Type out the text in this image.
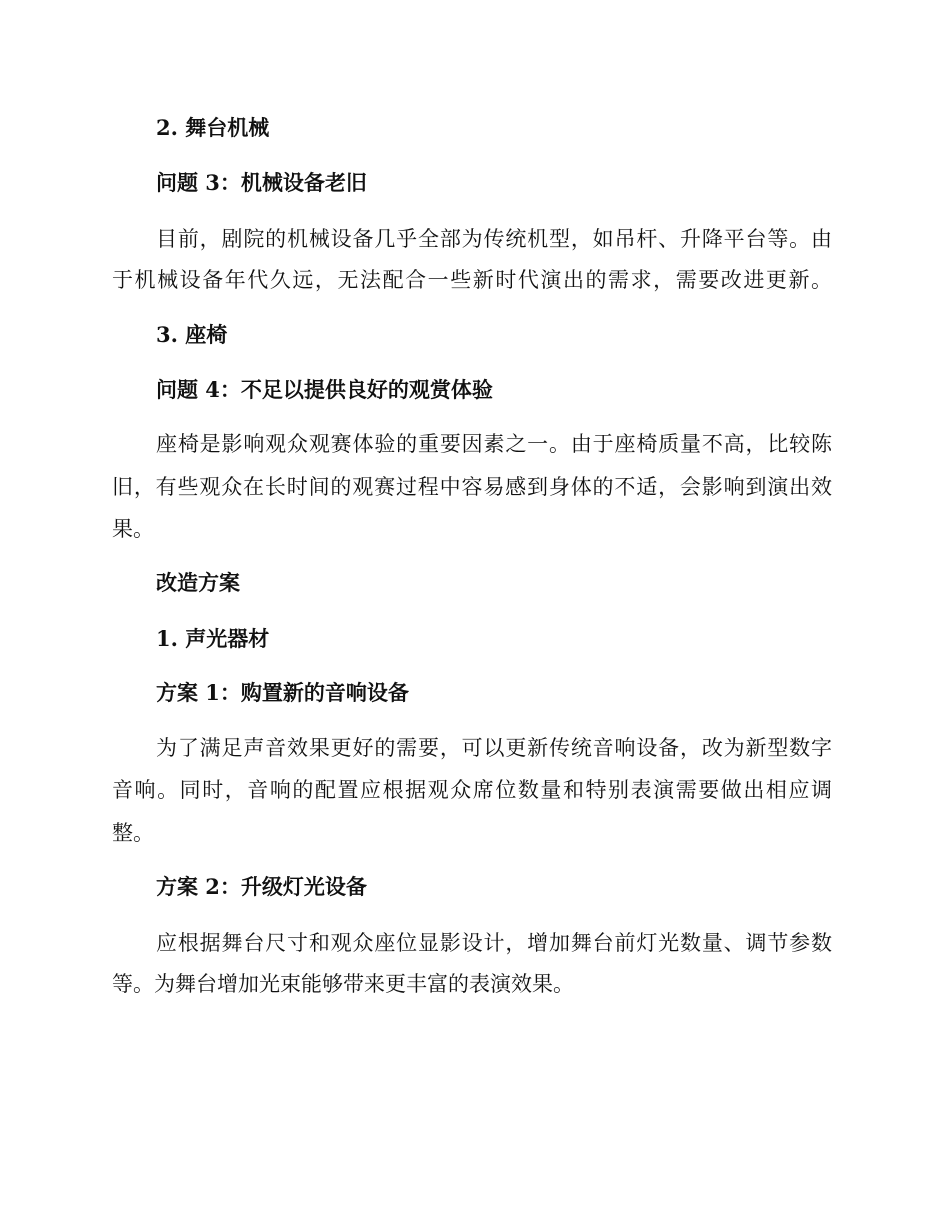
2. 舞台机械

问题 3：机械设备老旧

目前，剧院的机械设备几乎全部为传统机型，如吊杆、升降平台等。由

于机械设备年代久远，无法配合一些新时代演出的需求，需要改进更新。

3. 座椅

问题 4：不足以提供良好的观赏体验

座椅是影响观众观赛体验的重要因素之一。由于座椅质量不高，比较陈

旧，有些观众在长时间的观赛过程中容易感到身体的不适，会影响到演出效

果。

改造方案

1. 声光器材

方案 1：购置新的音响设备

为了满足声音效果更好的需要，可以更新传统音响设备，改为新型数字

音响。同时，音响的配置应根据观众席位数量和特别表演需要做出相应调

整。

方案 2：升级灯光设备

应根据舞台尺寸和观众座位显影设计，增加舞台前灯光数量、调节参数

等。为舞台增加光束能够带来更丰富的表演效果。
